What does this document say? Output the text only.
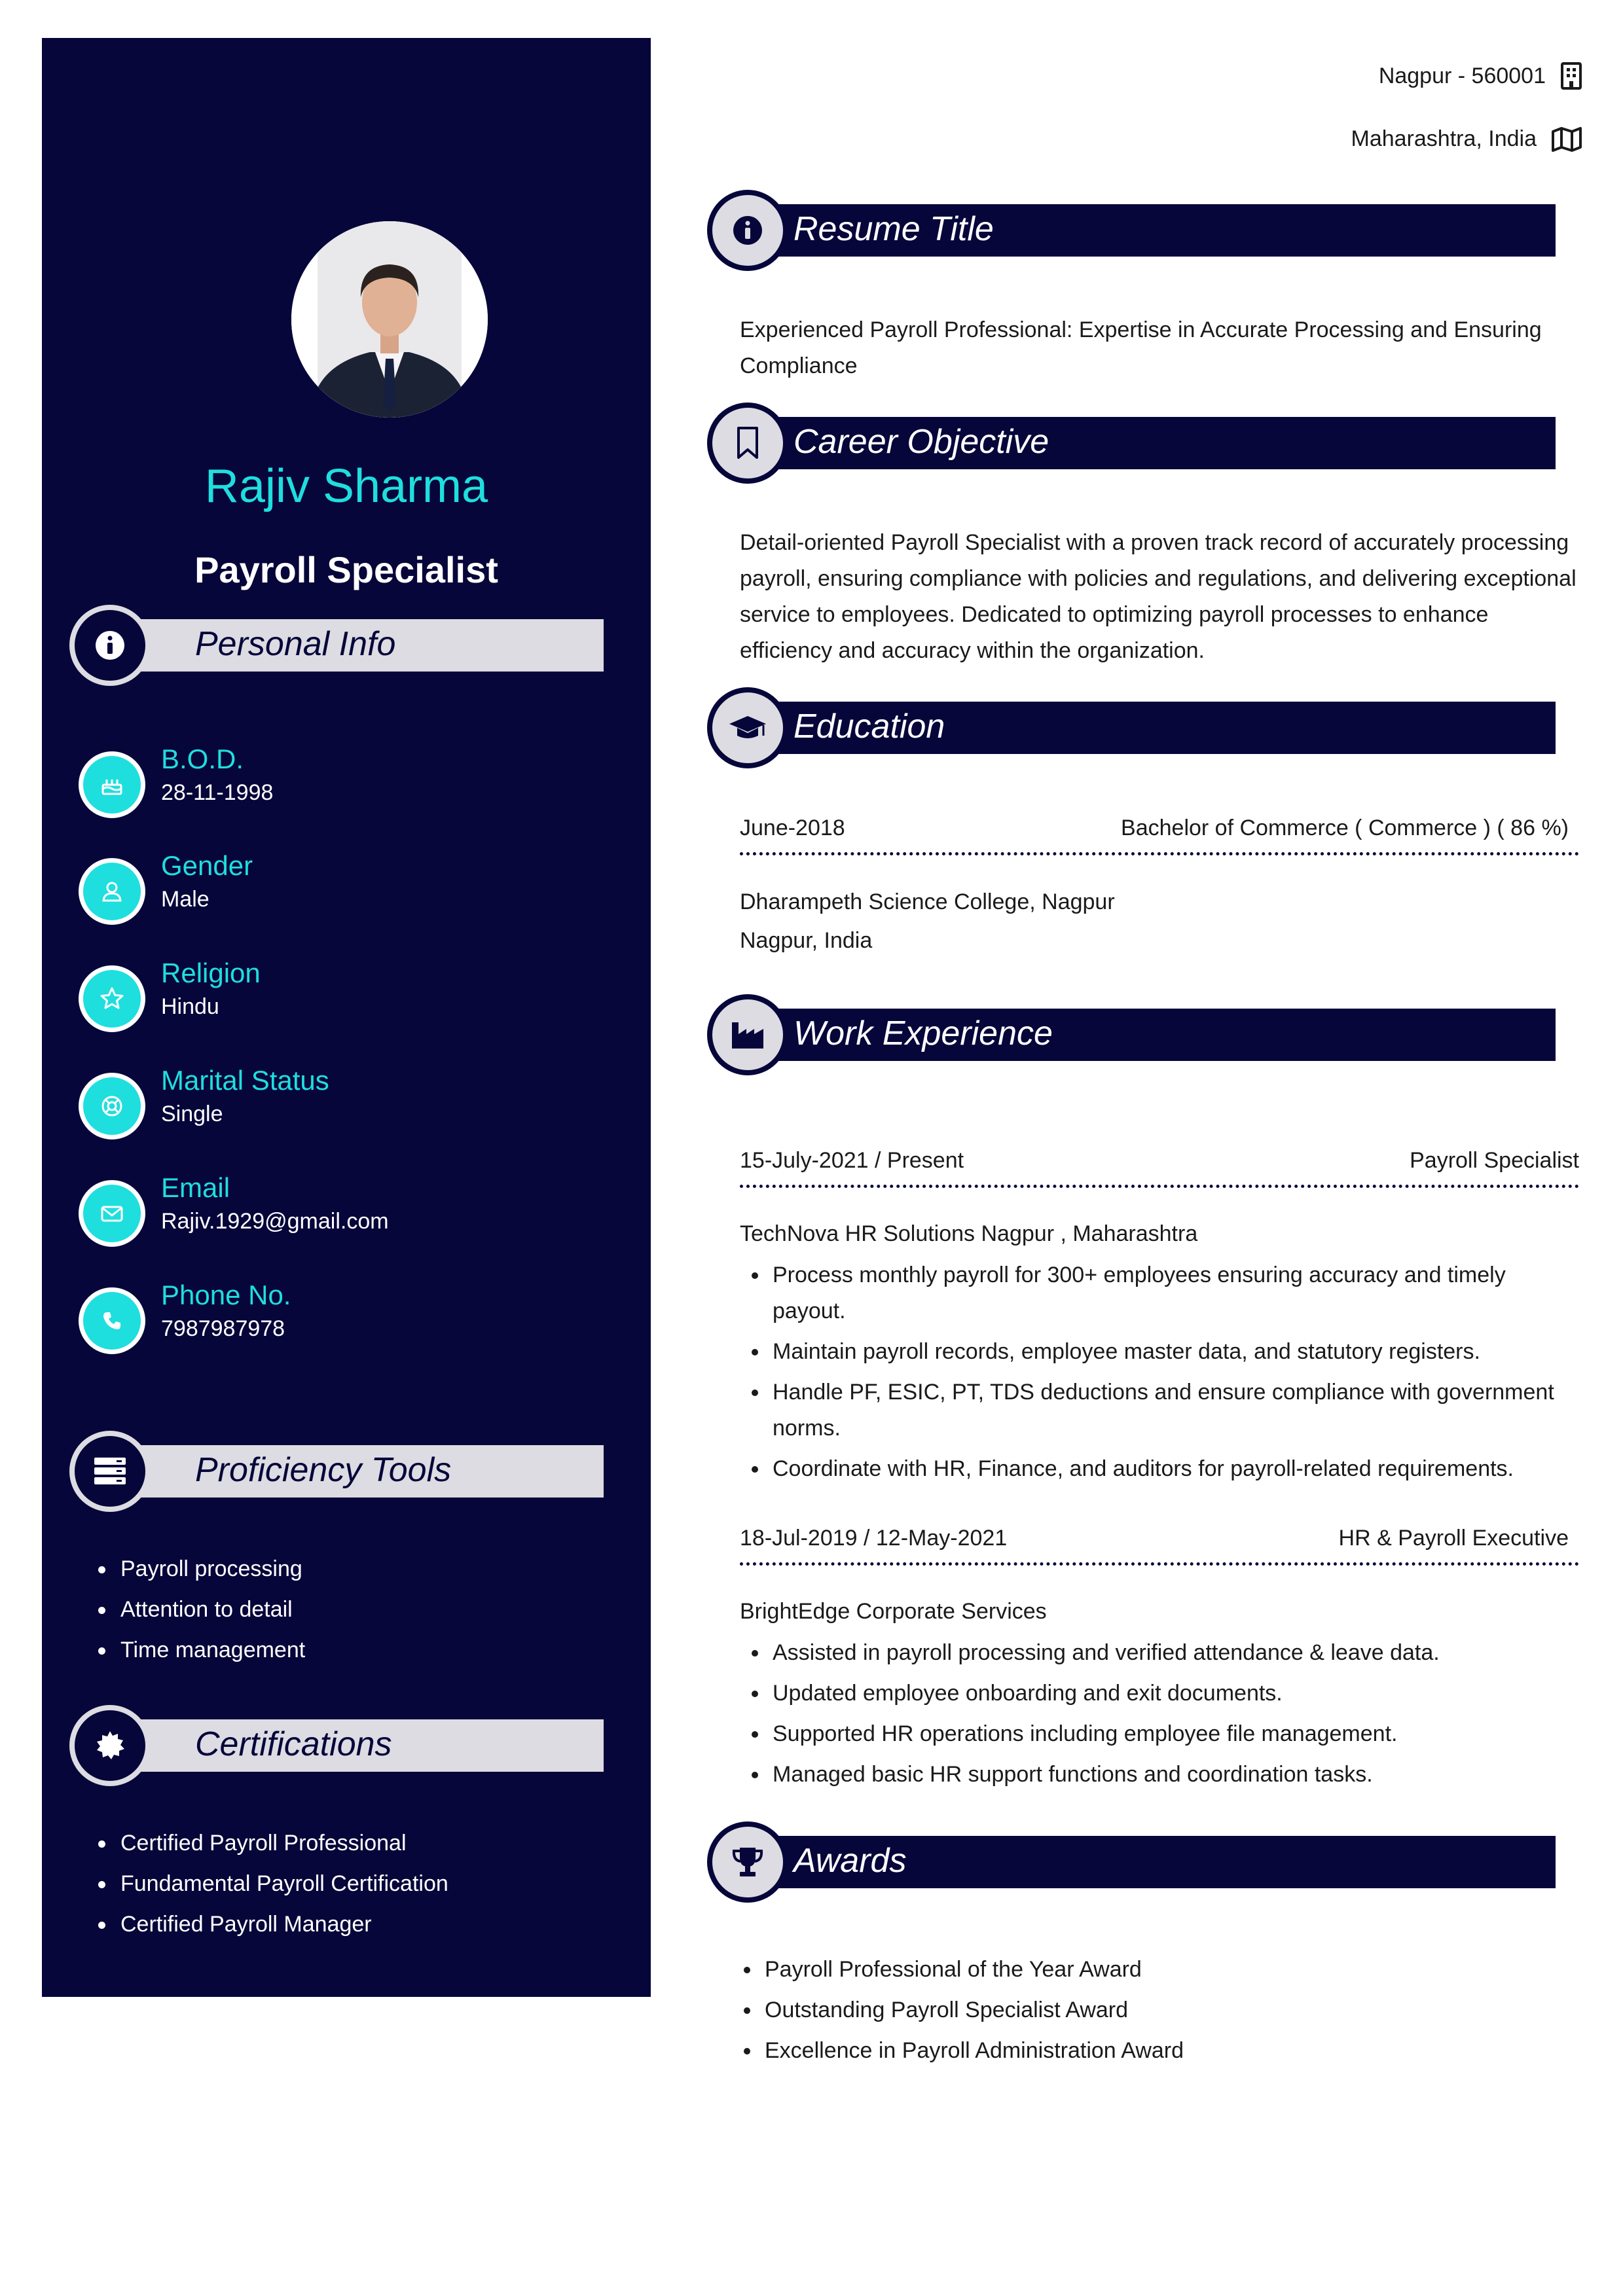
Rajiv Sharma
Payroll Specialist
Personal Info
B.O.D.
28-11-1998
Gender
Male
Religion
Hindu
Marital Status
Single
Email
Rajiv.1929@gmail.com
Phone No.
7987987978
Proficiency Tools
Payroll processing
Attention to detail
Time management
Certifications
Certified Payroll Professional
Fundamental Payroll Certification
Certified Payroll Manager
Nagpur - 560001
Maharashtra, India
Resume Title
Experienced Payroll Professional: Expertise in Accurate Processing and Ensuring Compliance
Career Objective
Detail-oriented Payroll Specialist with a proven track record of accurately processing payroll, ensuring compliance with policies and regulations, and delivering exceptional service to employees. Dedicated to optimizing payroll processes to enhance efficiency and accuracy within the organization.
Education
June-2018	Bachelor of Commerce ( Commerce ) ( 86 %)
Dharampeth Science College, Nagpur
Nagpur, India
Work Experience
15-July-2021 / Present	Payroll Specialist
TechNova HR Solutions Nagpur , Maharashtra
Process monthly payroll for 300+ employees ensuring accuracy and timely payout.
Maintain payroll records, employee master data, and statutory registers.
Handle PF, ESIC, PT, TDS deductions and ensure compliance with government norms.
Coordinate with HR, Finance, and auditors for payroll-related requirements.
18-Jul-2019 / 12-May-2021	HR & Payroll Executive
BrightEdge Corporate Services
Assisted in payroll processing and verified attendance & leave data.
Updated employee onboarding and exit documents.
Supported HR operations including employee file management.
Managed basic HR support functions and coordination tasks.
Awards
Payroll Professional of the Year Award
Outstanding Payroll Specialist Award
Excellence in Payroll Administration Award
